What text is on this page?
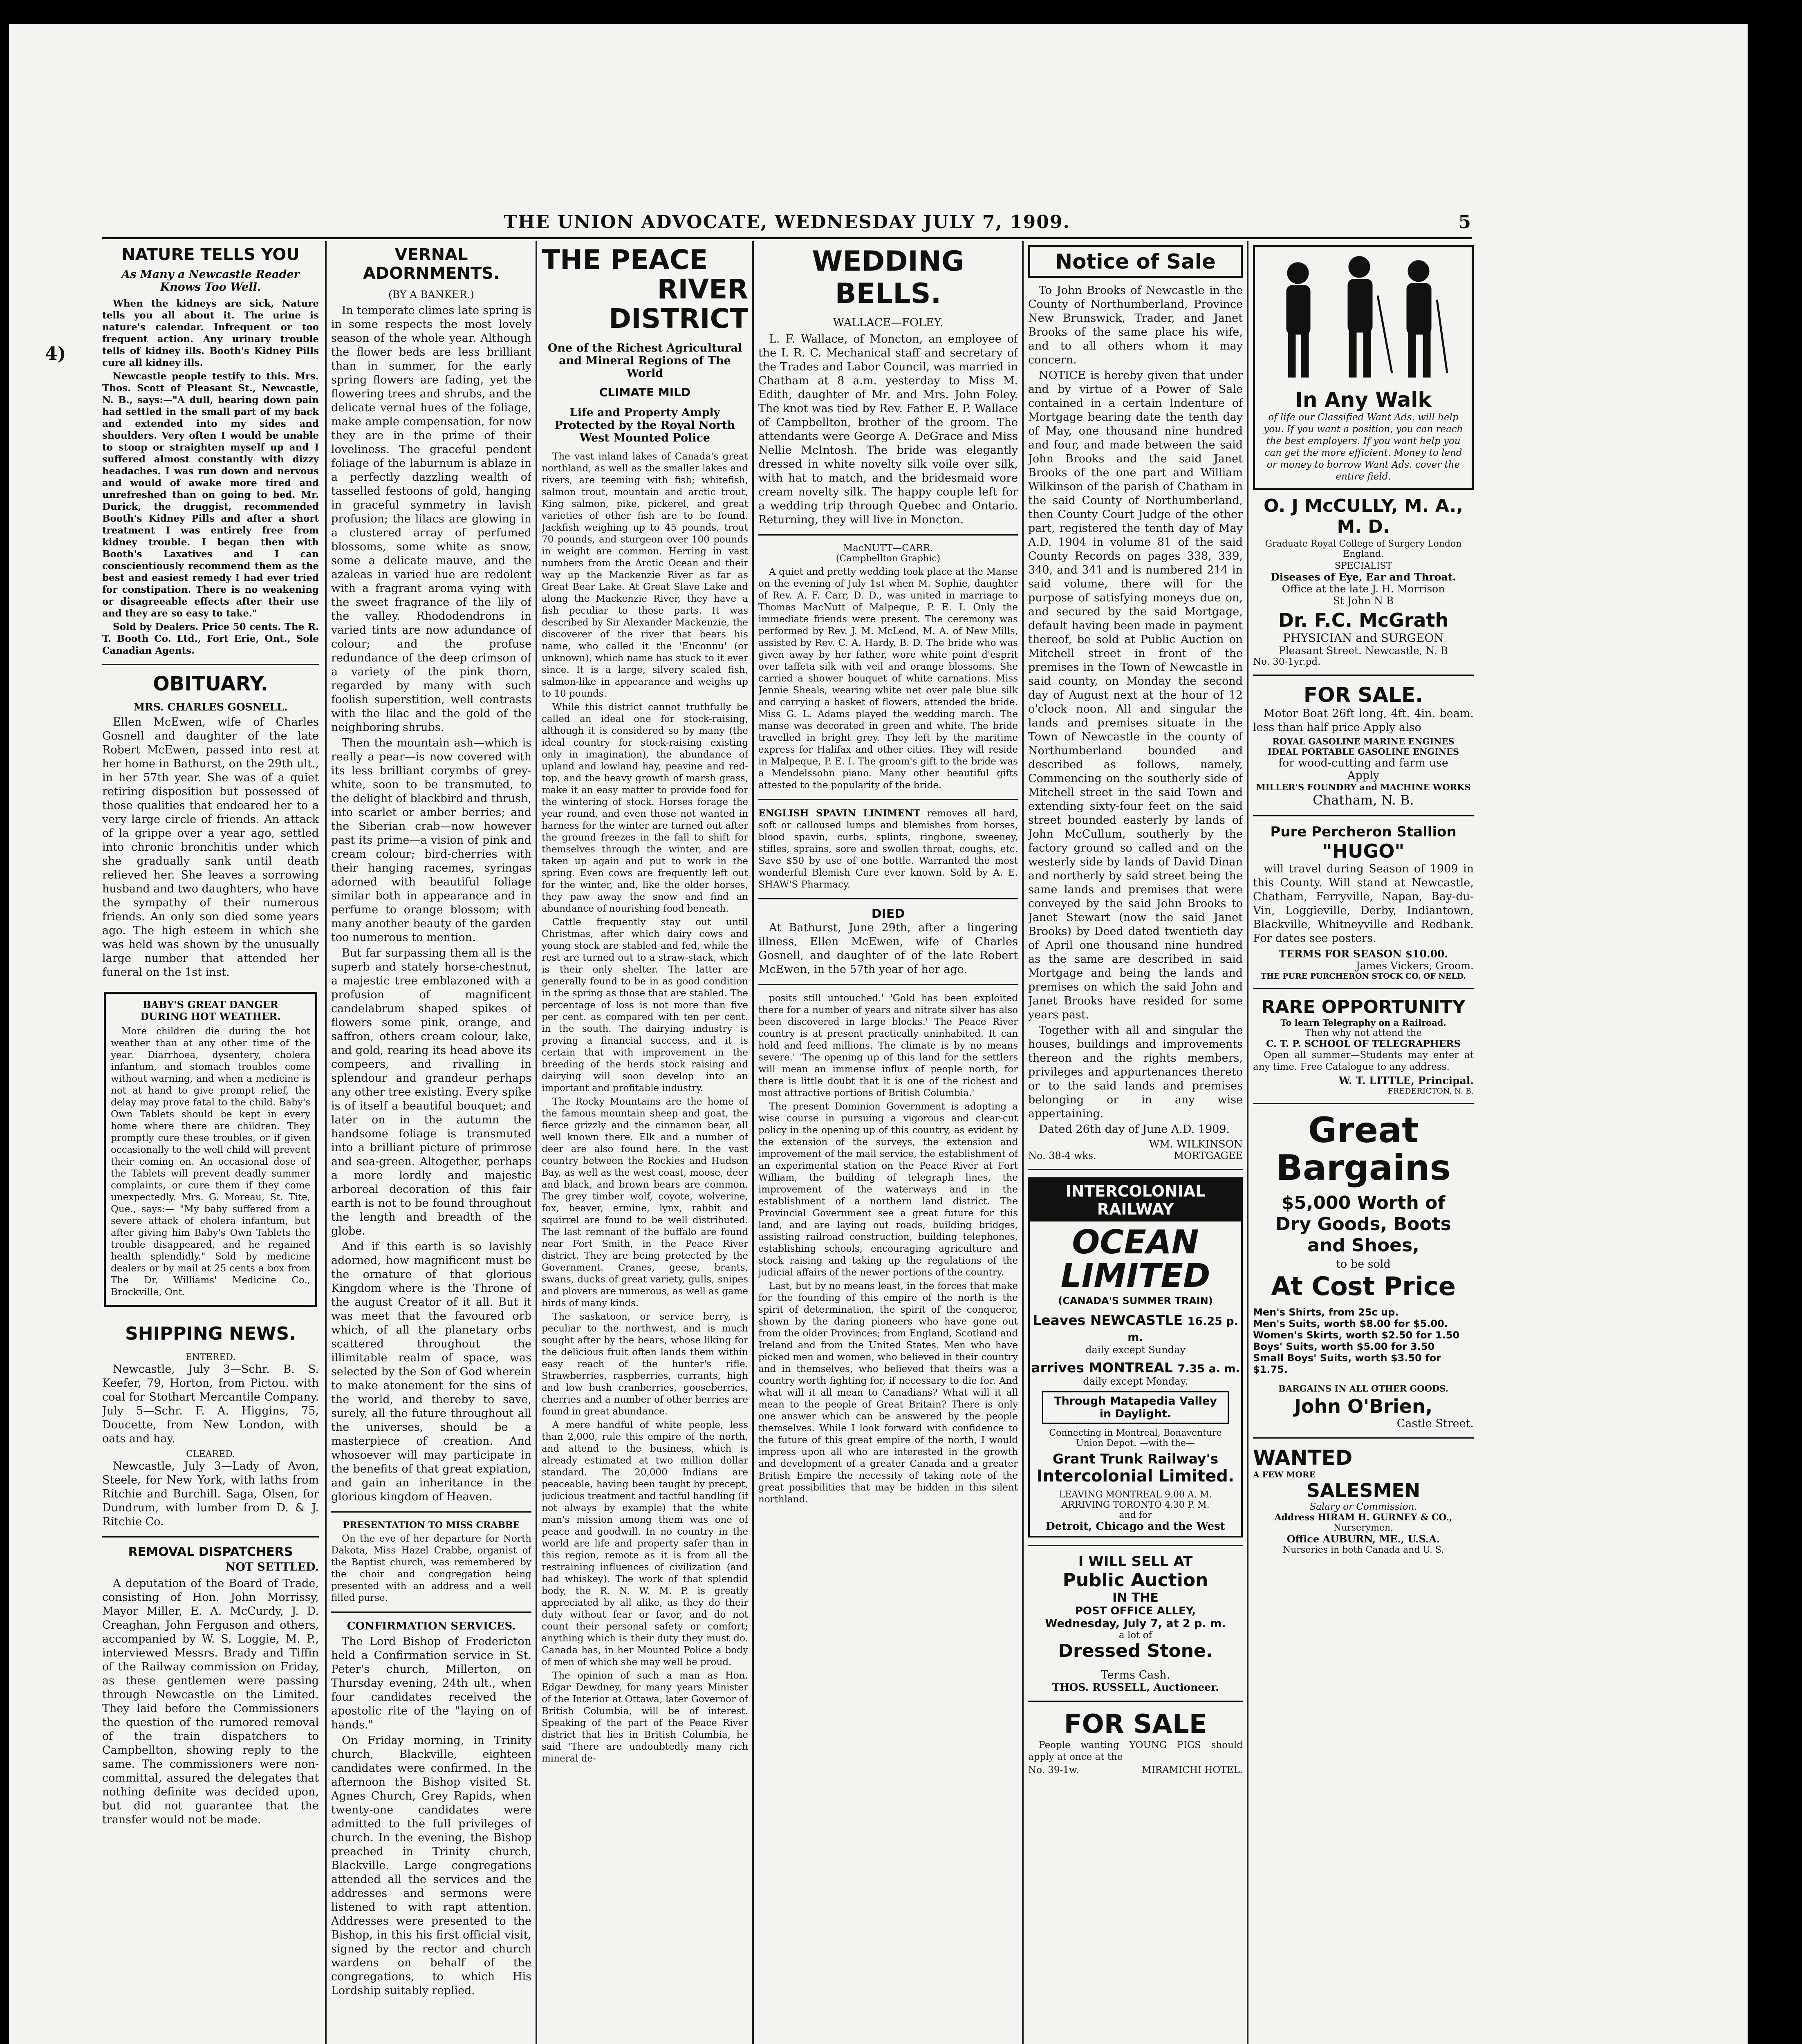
4)
THE UNION ADVOCATE, WEDNESDAY JULY 7, 1909.	5

NATURE TELLS YOU

As Many a Newcastle Reader

Knows Too Well.

When the kidneys are sick, Nature tells you all about it. The urine is nature's calendar. Infrequent or too frequent action. Any urinary trouble tells of kidney ills. Booth's Kidney Pills cure all kidney ills.

Newcastle people testify to this. Mrs. Thos. Scott of Pleasant St., Newcastle, N. B., says:—"A dull, bearing down pain had settled in the small part of my back and extended into my sides and shoulders. Very often I would be unable to stoop or straighten myself up and I suffered almost constantly with dizzy headaches. I was run down and nervous and would of awake more tired and unrefreshed than on going to bed. Mr. Durick, the druggist, recommended Booth's Kidney Pills and after a short treatment I was entirely free from kidney trouble. I began then with Booth's Laxatives and I can conscientiously recommend them as the best and easiest remedy I had ever tried for constipation. There is no weakening or disagreeable effects after their use and they are so easy to take."

Sold by Dealers. Price 50 cents. The R. T. Booth Co. Ltd., Fort Erie, Ont., Sole Canadian Agents.

OBITUARY.

MRS. CHARLES GOSNELL.

Ellen McEwen, wife of Charles Gosnell and daughter of the late Robert McEwen, passed into rest at her home in Bathurst, on the 29th ult., in her 57th year. She was of a quiet retiring disposition but possessed of those qualities that endeared her to a very large circle of friends. An attack of la grippe over a year ago, settled into chronic bronchitis under which she gradually sank until death relieved her. She leaves a sorrowing husband and two daughters, who have the sympathy of their numerous friends. An only son died some years ago. The high esteem in which she was held was shown by the unusually large number that attended her funeral on the 1st inst.

BABY'S GREAT DANGER

DURING HOT WEATHER.

More children die during the hot weather than at any other time of the year. Diarrhoea, dysentery, cholera infantum, and stomach troubles come without warning, and when a medicine is not at hand to give prompt relief, the delay may prove fatal to the child. Baby's Own Tablets should be kept in every home where there are children. They promptly cure these troubles, or if given occasionally to the well child will prevent their coming on. An occasional dose of the Tablets will prevent deadly summer complaints, or cure them if they come unexpectedly. Mrs. G. Moreau, St. Tite, Que., says:— "My baby suffered from a severe attack of cholera infantum, but after giving him Baby's Own Tablets the trouble disappeared, and he regained health splendidly." Sold by medicine dealers or by mail at 25 cents a box from The Dr. Williams' Medicine Co., Brockville, Ont.

SHIPPING NEWS.

ENTERED.

Newcastle, July 3—Schr. B. S. Keefer, 79, Horton, from Pictou. with coal for Stothart Mercantile Company. July 5—Schr. F. A. Higgins, 75, Doucette, from New London, with oats and hay.

CLEARED.

Newcastle, July 3—Lady of Avon, Steele, for New York, with laths from Ritchie and Burchill. Saga, Olsen, for Dundrum, with lumber from D. & J. Ritchie Co.

REMOVAL DISPATCHERS

NOT SETTLED.

A deputation of the Board of Trade, consisting of Hon. John Morrissy, Mayor Miller, E. A. McCurdy, J. D. Creaghan, John Ferguson and others, accompanied by W. S. Loggie, M. P., interviewed Messrs. Brady and Tiffin of the Railway commission on Friday, as these gentlemen were passing through Newcastle on the Limited. They laid before the Commissioners the question of the rumored removal of the train dispatchers to Campbellton, showing reply to the same. The commissioners were non-committal, assured the delegates that nothing definite was decided upon, but did not guarantee that the transfer would not be made.

VERNAL ADORNMENTS.

(BY A BANKER.)

In temperate climes late spring is in some respects the most lovely season of the whole year. Although the flower beds are less brilliant than in summer, for the early spring flowers are fading, yet the flowering trees and shrubs, and the delicate vernal hues of the foliage, make ample compensation, for now they are in the prime of their loveliness. The graceful pendent foliage of the laburnum is ablaze in a perfectly dazzling wealth of tasselled festoons of gold, hanging in graceful symmetry in lavish profusion; the lilacs are glowing in a clustered array of perfumed blossoms, some white as snow, some a delicate mauve, and the azaleas in varied hue are redolent with a fragrant aroma vying with the sweet fragrance of the lily of the valley. Rhododendrons in varied tints are now adundance of colour; and the profuse redundance of the deep crimson of a variety of the pink thorn, regarded by many with such foolish superstition, well contrasts with the lilac and the gold of the neighboring shrubs.

Then the mountain ash—which is really a pear—is now covered with its less brilliant corymbs of grey-white, soon to be transmuted, to the delight of blackbird and thrush, into scarlet or amber berries; and the Siberian crab—now however past its prime—a vision of pink and cream colour; bird-cherries with their hanging racemes, syringas adorned with beautiful foliage similar both in appearance and in perfume to orange blossom; with many another beauty of the garden too numerous to mention.

But far surpassing them all is the superb and stately horse-chestnut, a majestic tree emblazoned with a profusion of magnificent candelabrum shaped spikes of flowers some pink, orange, and saffron, others cream colour, lake, and gold, rearing its head above its compeers, and rivalling in splendour and grandeur perhaps any other tree existing. Every spike is of itself a beautiful bouquet; and later on in the autumn the handsome foliage is transmuted into a brilliant picture of primrose and sea-green. Altogether, perhaps a more lordly and majestic arboreal decoration of this fair earth is not to be found throughout the length and breadth of the globe.

And if this earth is so lavishly adorned, how magnificent must be the ornature of that glorious Kingdom where is the Throne of the august Creator of it all. But it was meet that the favoured orb which, of all the planetary orbs scattered throughout the illimitable realm of space, was selected by the Son of God wherein to make atonement for the sins of the world, and thereby to save, surely, all the future throughout all the universes, should be a masterpiece of creation. And whosoever will may participate in the benefits of that great expiation, and gain an inheritance in the glorious kingdom of Heaven.

PRESENTATION TO MISS CRABBE

On the eve of her departure for North Dakota, Miss Hazel Crabbe, organist of the Baptist church, was remembered by the choir and congregation being presented with an address and a well filled purse.

CONFIRMATION SERVICES.

The Lord Bishop of Fredericton held a Confirmation service in St. Peter's church, Millerton, on Thursday evening, 24th ult., when four candidates received the apostolic rite of the "laying on of hands."

On Friday morning, in Trinity church, Blackville, eighteen candidates were confirmed. In the afternoon the Bishop visited St. Agnes Church, Grey Rapids, when twenty-one candidates were admitted to the full privileges of church. In the evening, the Bishop preached in Trinity church, Blackville. Large congregations attended all the services and the addresses and sermons were listened to with rapt attention. Addresses were presented to the Bishop, in this his first official visit, signed by the rector and church wardens on behalf of the congregations, to which His Lordship suitably replied.

THE PEACE

RIVER DISTRICT

One of the Richest Agricultural and Mineral Regions of The World

CLIMATE MILD

Life and Property Amply Protected by the Royal North West Mounted Police

The vast inland lakes of Canada's great northland, as well as the smaller lakes and rivers, are teeming with fish; whitefish, salmon trout, mountain and arctic trout, King salmon, pike, pickerel, and great varieties of other fish are to be found. Jackfish weighing up to 45 pounds, trout 70 pounds, and sturgeon over 100 pounds in weight are common. Herring in vast numbers from the Arctic Ocean and their way up the Mackenzie River as far as Great Bear Lake. At Great Slave Lake and along the Mackenzie River, they have a fish peculiar to those parts. It was described by Sir Alexander Mackenzie, the discoverer of the river that bears his name, who called it the 'Enconnu' (or unknown), which name has stuck to it ever since. It is a large, silvery scaled fish, salmon-like in appearance and weighs up to 10 pounds.

While this district cannot truthfully be called an ideal one for stock-raising, although it is considered so by many (the ideal country for stock-raising existing only in imagination), the abundance of upland and lowland hay, peavine and red-top, and the heavy growth of marsh grass, make it an easy matter to provide food for the wintering of stock. Horses forage the year round, and even those not wanted in harness for the winter are turned out after the ground freezes in the fall to shift for themselves through the winter, and are taken up again and put to work in the spring. Even cows are frequently left out for the winter, and, like the older horses, they paw away the snow and find an abundance of nourishing food beneath.

Cattle frequently stay out until Christmas, after which dairy cows and young stock are stabled and fed, while the rest are turned out to a straw-stack, which is their only shelter. The latter are generally found to be in as good condition in the spring as those that are stabled. The percentage of loss is not more than five per cent. as compared with ten per cent. in the south. The dairying industry is proving a financial success, and it is certain that with improvement in the breeding of the herds stock raising and dairying will soon develop into an important and profitable industry.

The Rocky Mountains are the home of the famous mountain sheep and goat, the fierce grizzly and the cinnamon bear, all well known there. Elk and a number of deer are also found here. In the vast country between the Rockies and Hudson Bay, as well as the west coast, moose, deer and black, and brown bears are common. The grey timber wolf, coyote, wolverine, fox, beaver, ermine, lynx, rabbit and squirrel are found to be well distributed. The last remnant of the buffalo are found near Fort Smith, in the Peace River district. They are being protected by the Government. Cranes, geese, brants, swans, ducks of great variety, gulls, snipes and plovers are numerous, as well as game birds of many kinds.

The saskatoon, or service berry, is peculiar to the northwest, and is much sought after by the bears, whose liking for the delicious fruit often lands them within easy reach of the hunter's rifle. Strawberries, raspberries, currants, high and low bush cranberries, gooseberries, cherries and a number of other berries are found in great abundance.

A mere handful of white people, less than 2,000, rule this empire of the north, and attend to the business, which is already estimated at two million dollar standard. The 20,000 Indians are peaceable, having been taught by precept, judicious treatment and tactful handling (if not always by example) that the white man's mission among them was one of peace and goodwill. In no country in the world are life and property safer than in this region, remote as it is from all the restraining influences of civilization (and bad whiskey). The work of that splendid body, the R. N. W. M. P. is greatly appreciated by all alike, as they do their duty without fear or favor, and do not count their personal safety or comfort; anything which is their duty they must do. Canada has, in her Mounted Police a body of men of which she may well be proud.

The opinion of such a man as Hon. Edgar Dewdney, for many years Minister of the Interior at Ottawa, later Governor of British Columbia, will be of interest. Speaking of the part of the Peace River district that lies in British Columbia, he said 'There are undoubtedly many rich mineral de-

WEDDING BELLS.

WALLACE—FOLEY.

L. F. Wallace, of Moncton, an employee of the I. R. C. Mechanical staff and secretary of the Trades and Labor Council, was married in Chatham at 8 a.m. yesterday to Miss M. Edith, daughter of Mr. and Mrs. John Foley. The knot was tied by Rev. Father E. P. Wallace of Campbellton, brother of the groom. The attendants were George A. DeGrace and Miss Nellie McIntosh. The bride was elegantly dressed in white novelty silk voile over silk, with hat to match, and the bridesmaid wore cream novelty silk. The happy couple left for a wedding trip through Quebec and Ontario. Returning, they will live in Moncton.

MacNUTT—CARR.

(Campbellton Graphic)

A quiet and pretty wedding took place at the Manse on the evening of July 1st when M. Sophie, daughter of Rev. A. F. Carr, D. D., was united in marriage to Thomas MacNutt of Malpeque, P. E. I. Only the immediate friends were present. The ceremony was performed by Rev. J. M. McLeod, M. A. of New Mills, assisted by Rev. C. A. Hardy, B. D. The bride who was given away by her father, wore white point d'esprit over taffeta silk with veil and orange blossoms. She carried a shower bouquet of white carnations. Miss Jennie Sheals, wearing white net over pale blue silk and carrying a basket of flowers, attended the bride. Miss G. L. Adams played the wedding march. The manse was decorated in green and white. The bride travelled in bright grey. They left by the maritime express for Halifax and other cities. They will reside in Malpeque, P. E. I. The groom's gift to the bride was a Mendelssohn piano. Many other beautiful gifts attested to the popularity of the bride.

ENGLISH SPAVIN LINIMENT removes all hard, soft or calloused lumps and blemishes from horses, blood spavin, curbs, splints, ringbone, sweeney, stifles, sprains, sore and swollen throat, coughs, etc. Save $50 by use of one bottle. Warranted the most wonderful Blemish Cure ever known. Sold by A. E. SHAW'S Pharmacy.

DIED

At Bathurst, June 29th, after a lingering illness, Ellen McEwen, wife of Charles Gosnell, and daughter of of the late Robert McEwen, in the 57th year of her age.

posits still untouched.' 'Gold has been exploited there for a number of years and nitrate silver has also been discovered in large blocks.' The Peace River country is at present practically uninhabited. It can hold and feed millions. The climate is by no means severe.' 'The opening up of this land for the settlers will mean an immense influx of people north, for there is little doubt that it is one of the richest and most attractive portions of British Columbia.'

The present Dominion Government is adopting a wise course in pursuing a vigorous and clear-cut policy in the opening up of this country, as evident by the extension of the surveys, the extension and improvement of the mail service, the establishment of an experimental station on the Peace River at Fort William, the building of telegraph lines, the improvement of the waterways and in the establishment of a northern land district. The Provincial Government see a great future for this land, and are laying out roads, building bridges, assisting railroad construction, building telephones, establishing schools, encouraging agriculture and stock raising and taking up the regulations of the judicial affairs of the newer portions of the country.

Last, but by no means least, in the forces that make for the founding of this empire of the north is the spirit of determination, the spirit of the conqueror, shown by the daring pioneers who have gone out from the older Provinces; from England, Scotland and Ireland and from the United States. Men who have picked men and women, who believed in their country and in themselves, who believed that theirs was a country worth fighting for, if necessary to die for. And what will it all mean to Canadians? What will it all mean to the people of Great Britain? There is only one answer which can be answered by the people themselves. While I look forward with confidence to the future of this great empire of the north, I would impress upon all who are interested in the growth and development of a greater Canada and a greater British Empire the necessity of taking note of the great possibilities that may be hidden in this silent northland.

Notice of Sale

To John Brooks of Newcastle in the County of Northumberland, Province New Brunswick, Trader, and Janet Brooks of the same place his wife, and to all others whom it may concern.

NOTICE is hereby given that under and by virtue of a Power of Sale contained in a certain Indenture of Mortgage bearing date the tenth day of May, one thousand nine hundred and four, and made between the said John Brooks and the said Janet Brooks of the one part and William Wilkinson of the parish of Chatham in the said County of Northumberland, then County Court Judge of the other part, registered the tenth day of May A.D. 1904 in volume 81 of the said County Records on pages 338, 339, 340, and 341 and is numbered 214 in said volume, there will for the purpose of satisfying moneys due on, and secured by the said Mortgage, default having been made in payment thereof, be sold at Public Auction on Mitchell street in front of the premises in the Town of Newcastle in said county, on Monday the second day of August next at the hour of 12 o'clock noon. All and singular the lands and premises situate in the Town of Newcastle in the county of Northumberland bounded and described as follows, namely, Commencing on the southerly side of Mitchell street in the said Town and extending sixty-four feet on the said street bounded easterly by lands of John McCullum, southerly by the factory ground so called and on the westerly side by lands of David Dinan and northerly by said street being the same lands and premises that were conveyed by the said John Brooks to Janet Stewart (now the said Janet Brooks) by Deed dated twentieth day of April one thousand nine hundred as the same are described in said Mortgage and being the lands and premises on which the said John and Janet Brooks have resided for some years past.

Together with all and singular the houses, buildings and improvements thereon and the rights members, privileges and appurtenances thereto or to the said lands and premises belonging or in any wise appertaining.

Dated 26th day of June A.D. 1909.

WM. WILKINSON

No. 38-4 wks.	MORTGAGEE

INTERCOLONIAL RAILWAY

OCEAN

LIMITED

(CANADA'S SUMMER TRAIN)

Leaves NEWCASTLE 16.25 p. m.

daily except Sunday

arrives MONTREAL 7.35 a. m.

daily except Monday.

Through Matapedia Valley

in Daylight.

Connecting in Montreal, Bonaventure Union Depot. —with the—

Grant Trunk Railway's

Intercolonial Limited.

LEAVING MONTREAL 9.00 A. M.

ARRIVING TORONTO 4.30 P. M.

and for

Detroit, Chicago and the West

I WILL SELL AT

Public Auction

IN THE

POST OFFICE ALLEY,

Wednesday, July 7, at 2 p. m.

a lot of

Dressed Stone.

Terms Cash.

THOS. RUSSELL, Auctioneer.

FOR SALE

People wanting YOUNG PIGS should apply at once at the

No. 39-1w.	MIRAMICHI HOTEL.

In Any Walk

of life our Classified Want Ads. will help you. If you want a position, you can reach the best employers. If you want help you can get the more efficient. Money to lend or money to borrow Want Ads. cover the entire field.

O. J McCULLY, M. A., M. D.

Graduate Royal College of Surgery London England.

SPECIALIST

Diseases of Eye, Ear and Throat.

Office at the late J. H. Morrison

St John N B

Dr. F.C. McGrath

PHYSICIAN and SURGEON

Pleasant Street. Newcastle, N. B

No. 30-1yr.pd.

FOR SALE.

Motor Boat 26ft long, 4ft. 4in. beam. less than half price Apply also

ROYAL GASOLINE MARINE ENGINES

IDEAL PORTABLE GASOLINE ENGINES

for wood-cutting and farm use

Apply

MILLER'S FOUNDRY and MACHINE WORKS

Chatham, N. B.

Pure Percheron Stallion

"HUGO"

will travel during Season of 1909 in this County. Will stand at Newcastle, Chatham, Ferryville, Napan, Bay-du-Vin, Loggieville, Derby, Indiantown, Blackville, Whitneyville and Redbank. For dates see posters.

TERMS FOR SEASON $10.00.

James Vickers, Groom.

THE PURE PURCHERON STOCK CO. OF NELD.

RARE OPPORTUNITY

To learn Telegraphy on a Railroad.

Then why not attend the

C. T. P. SCHOOL OF TELEGRAPHERS

Open all summer—Students may enter at any time. Free Catalogue to any address.

W. T. LITTLE, Principal.

FREDERICTON, N. B.

Great

Bargains

$5,000 Worth of

Dry Goods, Boots

and Shoes,

to be sold

At Cost Price

Men's Shirts, from 25c up.

Men's Suits, worth $8.00 for $5.00.

Women's Skirts, worth $2.50 for 1.50

Boys' Suits, worth $5.00 for 3.50

Small Boys' Suits, worth $3.50 for $1.75.

BARGAINS IN ALL OTHER GOODS.

John O'Brien,

Castle Street.

WANTED

A FEW MORE

SALESMEN

Salary or Commission.

Address HIRAM H. GURNEY & CO.,

Nurserymen,

Office AUBURN, ME., U.S.A.

Nurseries in both Canada and U. S.
